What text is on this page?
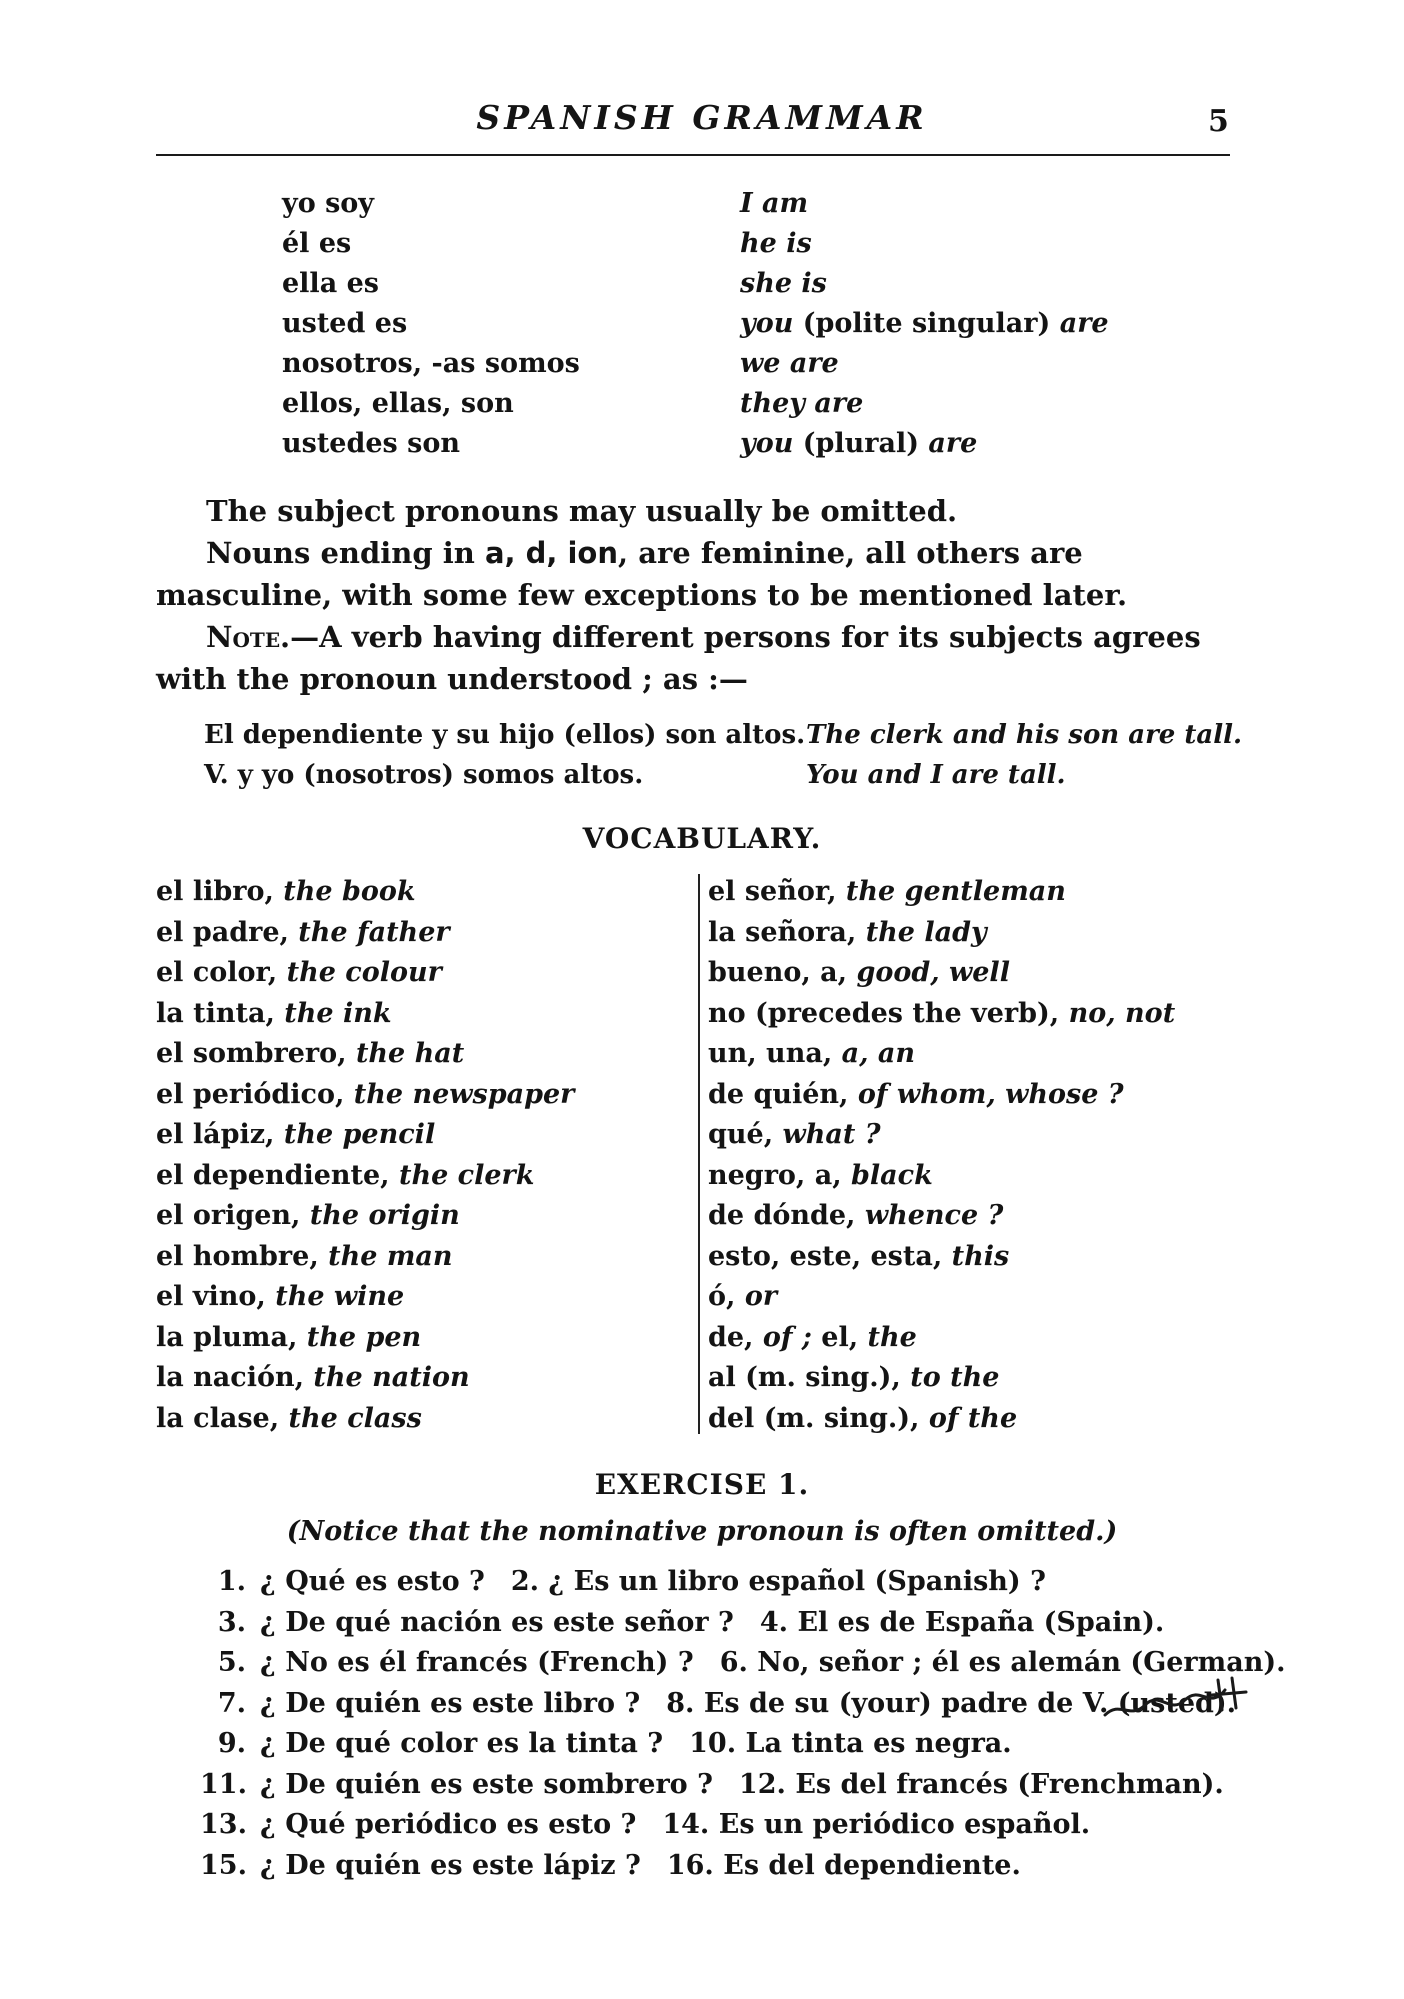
SPANISH GRAMMAR	5
yo soy
él es
ella es
usted es
nosotros, -as somos
ellos, ellas, son
ustedes son
I am
he is
she is
you (polite singular) are
we are
they are
you (plural) are
The subject pronouns may usually be omitted.
Nouns ending in a, d, ion, are feminine, all others are masculine, with some few exceptions to be mentioned later.
Note.—A verb having different persons for its subjects agrees with the pronoun understood ; as :—
El dependiente y su hijo (ellos) son altos. The clerk and his son are tall.
V. y yo (nosotros) somos altos.	You and I are tall.
VOCABULARY.
el libro, the book
el padre, the father
el color, the colour
la tinta, the ink
el sombrero, the hat
el periódico, the newspaper
el lápiz, the pencil
el dependiente, the clerk
el origen, the origin
el hombre, the man
el vino, the wine
la pluma, the pen
la nación, the nation
la clase, the class
el señor, the gentleman
la señora, the lady
bueno, a, good, well
no (precedes the verb), no, not
un, una, a, an
de quién, of whom, whose ?
qué, what ?
negro, a, black
de dónde, whence ?
esto, este, esta, this
ó, or
de, of ; el, the
al (m. sing.), to the
del (m. sing.), of the
EXERCISE 1.
(Notice that the nominative pronoun is often omitted.)
1. ¿ Qué es esto ? 2. ¿ Es un libro español (Spanish) ?
3. ¿ De qué nación es este señor ? 4. El es de España (Spain).
5. ¿ No es él francés (French) ? 6. No, señor ; él es alemán (German).
7. ¿ De quién es este libro ? 8. Es de su (your) padre de V. (usted).
9. ¿ De qué color es la tinta ? 10. La tinta es negra.
11. ¿ De quién es este sombrero ? 12. Es del francés (Frenchman).
13. ¿ Qué periódico es esto ? 14. Es un periódico español.
15. ¿ De quién es este lápiz ? 16. Es del dependiente.
